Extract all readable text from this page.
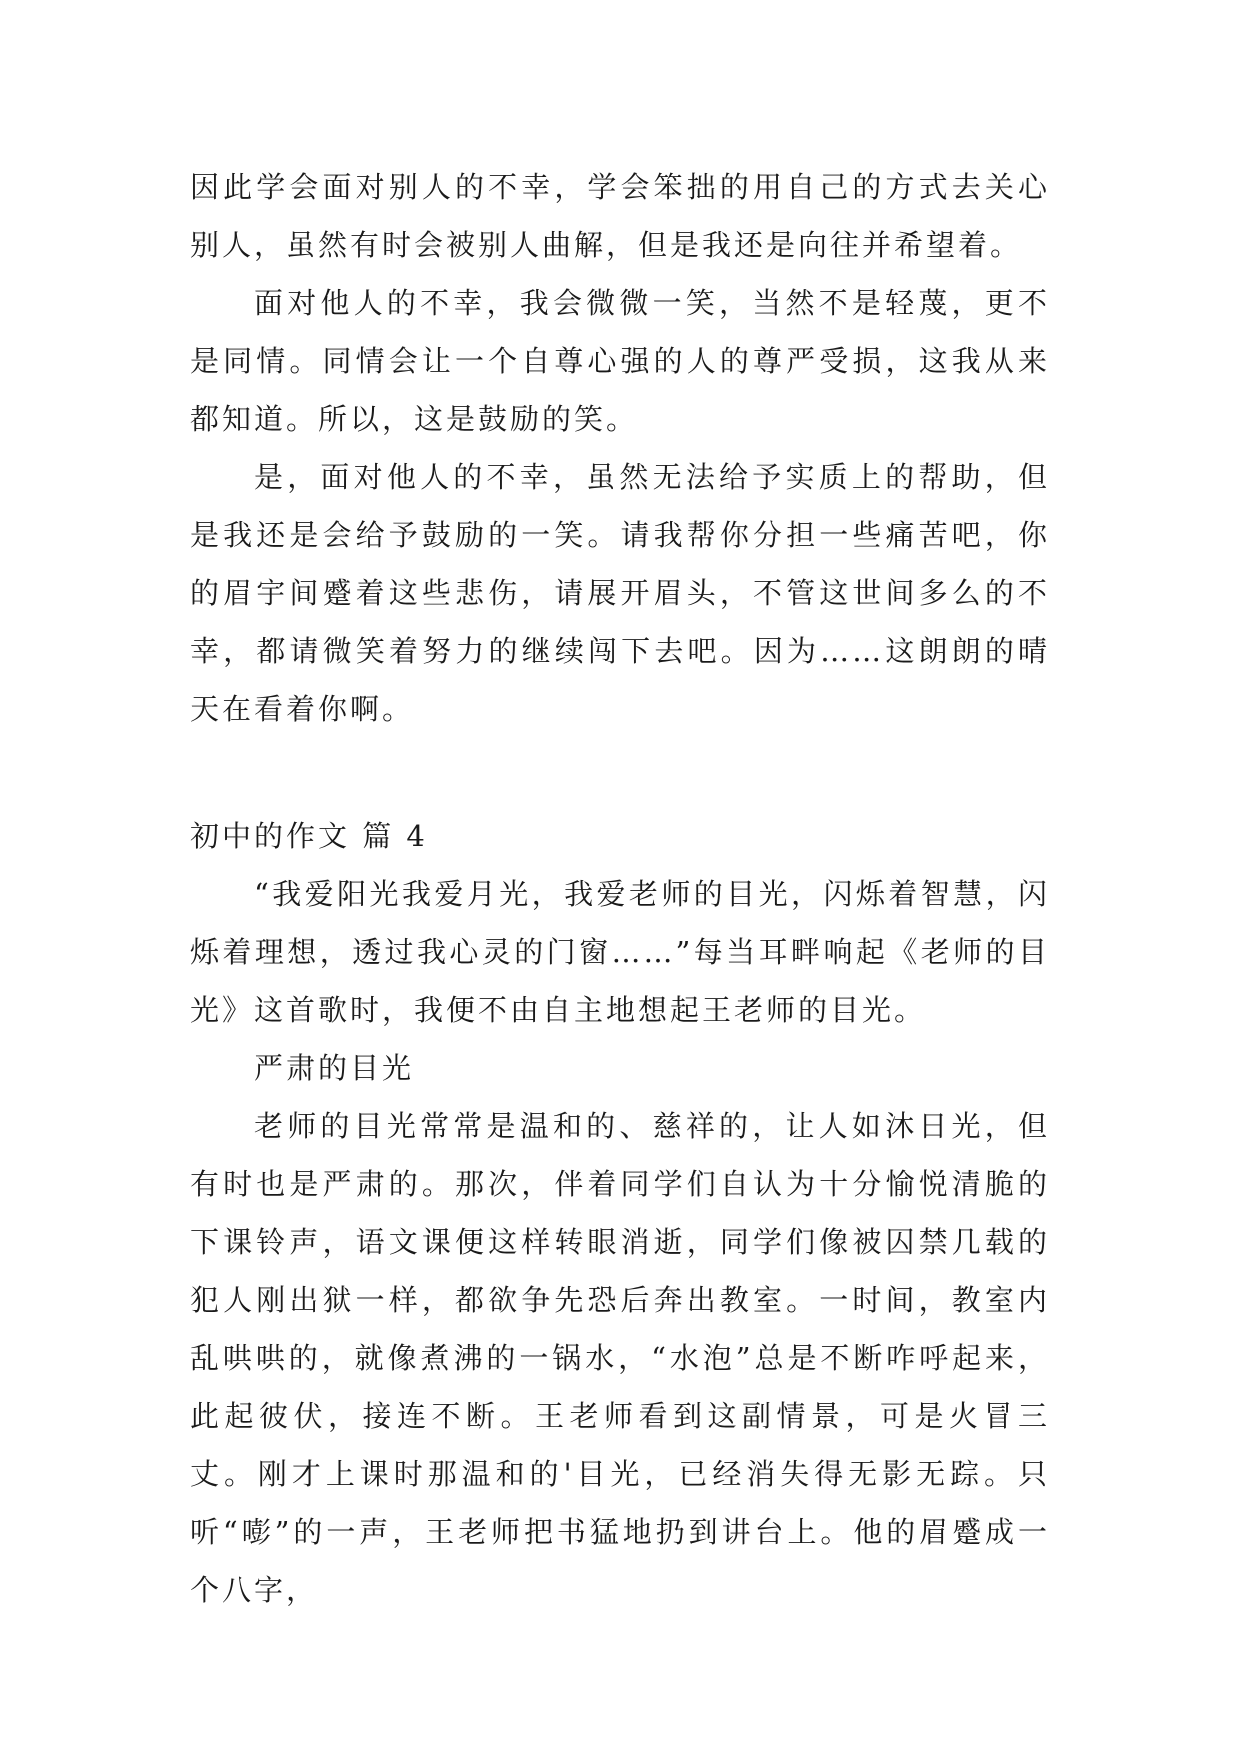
因此学会面对别人的不幸，学会笨拙的用自己的方式去关心别人，虽然有时会被别人曲解，但是我还是向往并希望着。

面对他人的不幸，我会微微一笑，当然不是轻蔑，更不是同情。同情会让一个自尊心强的人的尊严受损，这我从来都知道。所以，这是鼓励的笑。

是，面对他人的不幸，虽然无法给予实质上的帮助，但是我还是会给予鼓励的一笑。请我帮你分担一些痛苦吧，你的眉宇间蹙着这些悲伤，请展开眉头，不管这世间多么的不幸，都请微笑着努力的继续闯下去吧。因为……这朗朗的晴天在看着你啊。

初中的作文 篇 4

“我爱阳光我爱月光，我爱老师的目光，闪烁着智慧，闪烁着理想，透过我心灵的门窗……”每当耳畔响起《老师的目光》这首歌时，我便不由自主地想起王老师的目光。

严肃的目光

老师的目光常常是温和的、慈祥的，让人如沐日光，但有时也是严肃的。那次，伴着同学们自认为十分愉悦清脆的下课铃声，语文课便这样转眼消逝，同学们像被囚禁几载的犯人刚出狱一样，都欲争先恐后奔出教室。一时间，教室内乱哄哄的，就像煮沸的一锅水，“水泡”总是不断咋呼起来，此起彼伏，接连不断。王老师看到这副情景，可是火冒三丈。刚才上课时那温和的'目光，已经消失得无影无踪。只听“嘭”的一声，王老师把书猛地扔到讲台上。他的眉蹙成一个八字，
